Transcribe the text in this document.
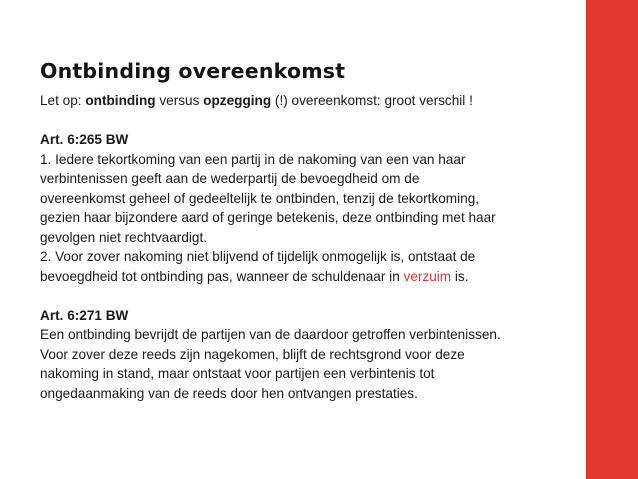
Ontbinding overeenkomst
Let op: ontbinding versus opzegging (!) overeenkomst: groot verschil !
Art. 6:265 BW
1. Iedere tekortkoming van een partij in de nakoming van een van haar
verbintenissen geeft aan de wederpartij de bevoegdheid om de
overeenkomst geheel of gedeeltelijk te ontbinden, tenzij de tekortkoming,
gezien haar bijzondere aard of geringe betekenis, deze ontbinding met haar
gevolgen niet rechtvaardigt.
2. Voor zover nakoming niet blijvend of tijdelijk onmogelijk is, ontstaat de
bevoegdheid tot ontbinding pas, wanneer de schuldenaar in verzuim is.
Art. 6:271 BW
Een ontbinding bevrijdt de partijen van de daardoor getroffen verbintenissen.
Voor zover deze reeds zijn nagekomen, blijft de rechtsgrond voor deze
nakoming in stand, maar ontstaat voor partijen een verbintenis tot
ongedaanmaking van de reeds door hen ontvangen prestaties.
